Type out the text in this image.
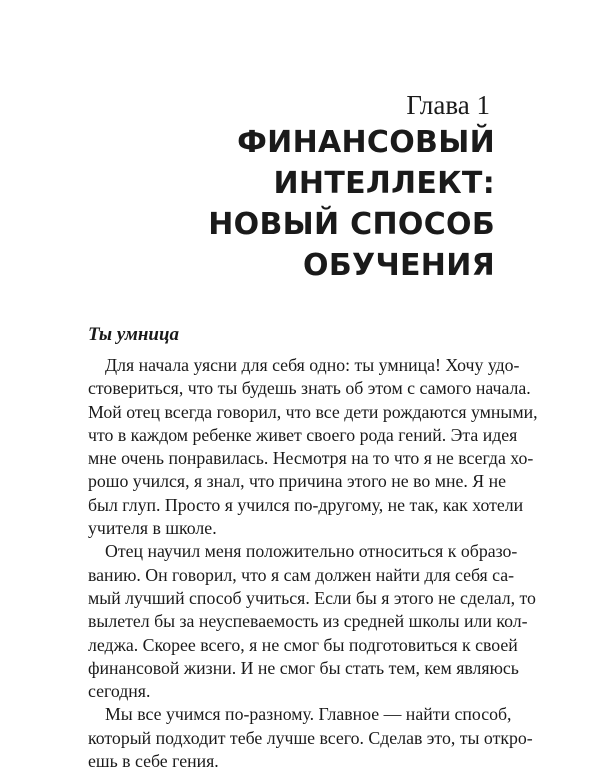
Глава 1
ФИНАНСОВЫЙ
ИНТЕЛЛЕКТ:
НОВЫЙ СПОСОБ
ОБУЧЕНИЯ
Ты умница
Для начала уясни для себя одно: ты умница! Хочу удо-
стовериться, что ты будешь знать об этом с самого начала.
Мой отец всегда говорил, что все дети рождаются умными,
что в каждом ребенке живет своего рода гений. Эта идея
мне очень понравилась. Несмотря на то что я не всегда хо-
рошо учился, я знал, что причина этого не во мне. Я не
был глуп. Просто я учился по-другому, не так, как хотели
учителя в школе.
Отец научил меня положительно относиться к образо-
ванию. Он говорил, что я сам должен найти для себя са-
мый лучший способ учиться. Если бы я этого не сделал, то
вылетел бы за неуспеваемость из средней школы или кол-
леджа. Скорее всего, я не смог бы подготовиться к своей
финансовой жизни. И не смог бы стать тем, кем являюсь
сегодня.
Мы все учимся по-разному. Главное — найти способ,
который подходит тебе лучше всего. Сделав это, ты откро-
ешь в себе гения.
